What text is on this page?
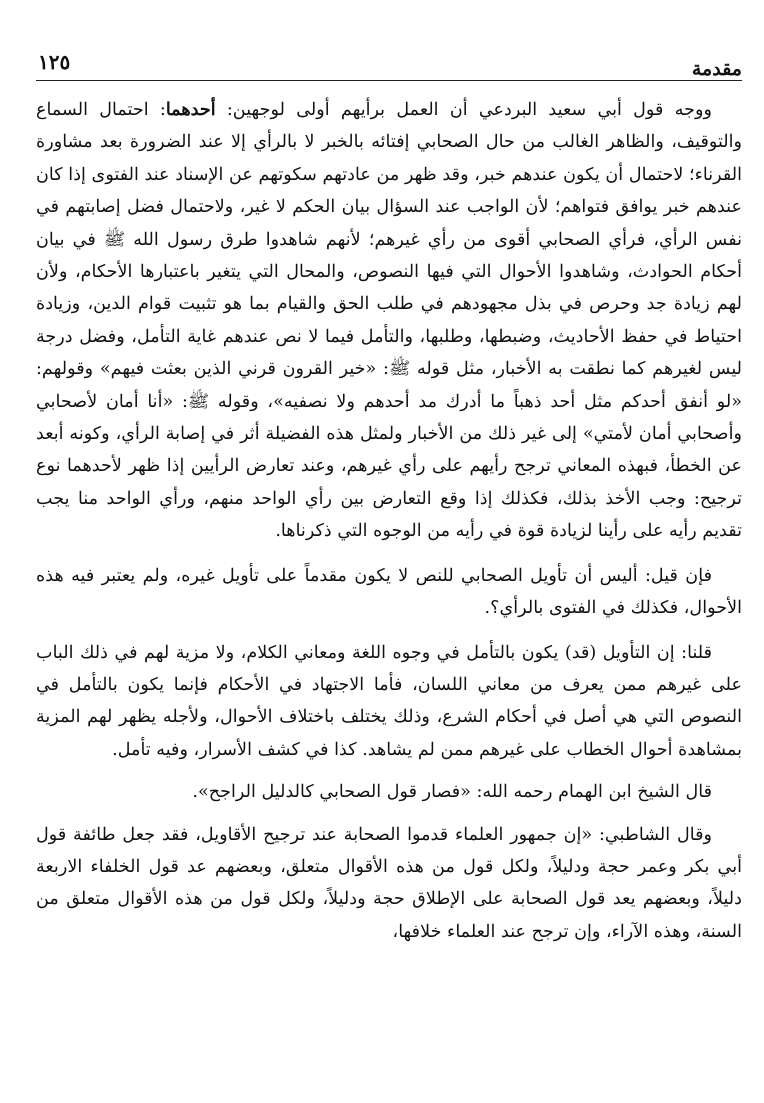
مقدمة
١٢٥

ووجه قول أبي سعيد البردعي أن العمل برأيهم أولى لوجهين: أحدهما: احتمال السماع والتوقيف، والظاهر الغالب من حال الصحابي إفتائه بالخبر لا بالرأي إلا عند الضرورة بعد مشاورة القرناء؛ لاحتمال أن يكون عندهم خبر، وقد ظهر من عادتهم سكوتهم عن الإسناد عند الفتوى إذا كان عندهم خبر يوافق فتواهم؛ لأن الواجب عند السؤال بيان الحكم لا غير، ولاحتمال فضل إصابتهم في نفس الرأي، فرأي الصحابي أقوى من رأي غيرهم؛ لأنهم شاهدوا طرق رسول الله ﷺ في بيان أحكام الحوادث، وشاهدوا الأحوال التي فيها النصوص، والمحال التي يتغير باعتبارها الأحكام، ولأن لهم زيادة جد وحرص في بذل مجهودهم في طلب الحق والقيام بما هو تثبيت قوام الدين، وزيادة احتياط في حفظ الأحاديث، وضبطها، وطلبها، والتأمل فيما لا نص عندهم غاية التأمل، وفضل درجة ليس لغيرهم كما نطقت به الأخبار، مثل قوله ﷺ: «خير القرون قرني الذين بعثت فيهم» وقولهم: «لو أنفق أحدكم مثل أحد ذهباً ما أدرك مد أحدهم ولا نصفيه»، وقوله ﷺ: «أنا أمان لأصحابي وأصحابي أمان لأمتي» إلى غير ذلك من الأخبار ولمثل هذه الفضيلة أثر في إصابة الرأي، وكونه أبعد عن الخطأ، فبهذه المعاني ترجح رأيهم على رأي غيرهم، وعند تعارض الرأيين إذا ظهر لأحدهما نوع ترجيح: وجب الأخذ بذلك، فكذلك إذا وقع التعارض بين رأي الواحد منهم، ورأي الواحد منا يجب تقديم رأيه على رأينا لزيادة قوة في رأيه من الوجوه التي ذكرناها.

فإن قيل: أليس أن تأويل الصحابي للنص لا يكون مقدماً على تأويل غيره، ولم يعتبر فيه هذه الأحوال، فكذلك في الفتوى بالرأي؟.

قلنا: إن التأويل (قد) يكون بالتأمل في وجوه اللغة ومعاني الكلام، ولا مزية لهم في ذلك الباب على غيرهم ممن يعرف من معاني اللسان، فأما الاجتهاد في الأحكام فإنما يكون بالتأمل في النصوص التي هي أصل في أحكام الشرع، وذلك يختلف باختلاف الأحوال، ولأجله يظهر لهم المزية بمشاهدة أحوال الخطاب على غيرهم ممن لم يشاهد. كذا في كشف الأسرار، وفيه تأمل.

قال الشيخ ابن الهمام رحمه الله: «فصار قول الصحابي كالدليل الراجح».

وقال الشاطبي: «إن جمهور العلماء قدموا الصحابة عند ترجيح الأقاويل، فقد جعل طائفة قول أبي بكر وعمر حجة ودليلاً، ولكل قول من هذه الأقوال متعلق، وبعضهم عد قول الخلفاء الاربعة دليلاً، وبعضهم يعد قول الصحابة على الإطلاق حجة ودليلاً، ولكل قول من هذه الأقوال متعلق من السنة، وهذه الآراء، وإن ترجح عند العلماء خلافها،
